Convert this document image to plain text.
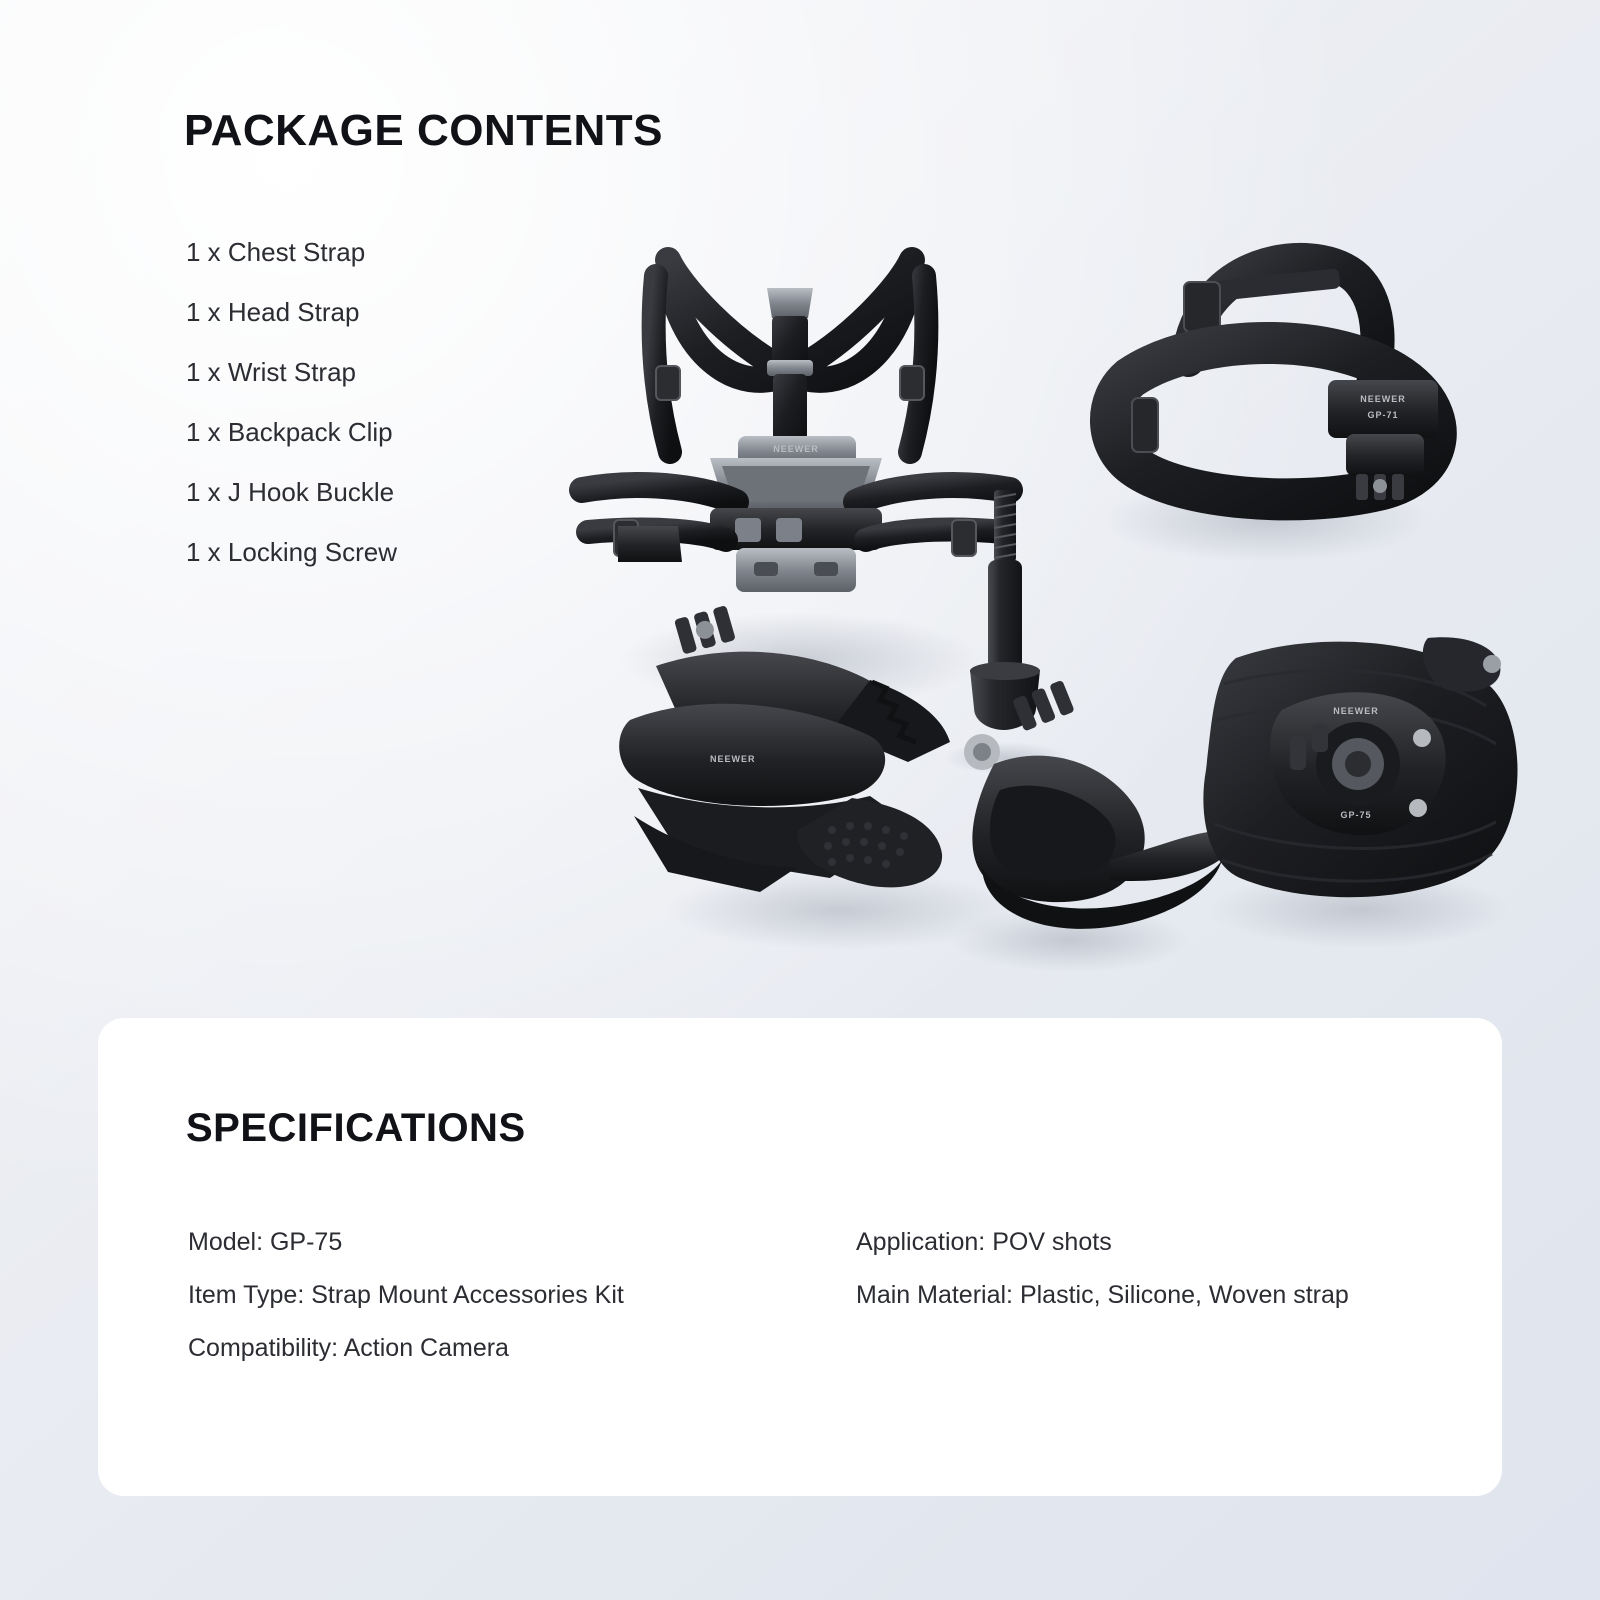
PACKAGE CONTENTS
1 x Chest Strap
1 x Head Strap
1 x Wrist Strap
1 x Backpack Clip
1 x J Hook Buckle
1 x Locking Screw
NEEWER
NEEWER
GP-71
NEEWER
NEEWER
GP-75
SPECIFICATIONS
Model: GP-75
Item Type: Strap Mount Accessories Kit
Compatibility: Action Camera
Application: POV shots
Main Material: Plastic, Silicone, Woven strap
